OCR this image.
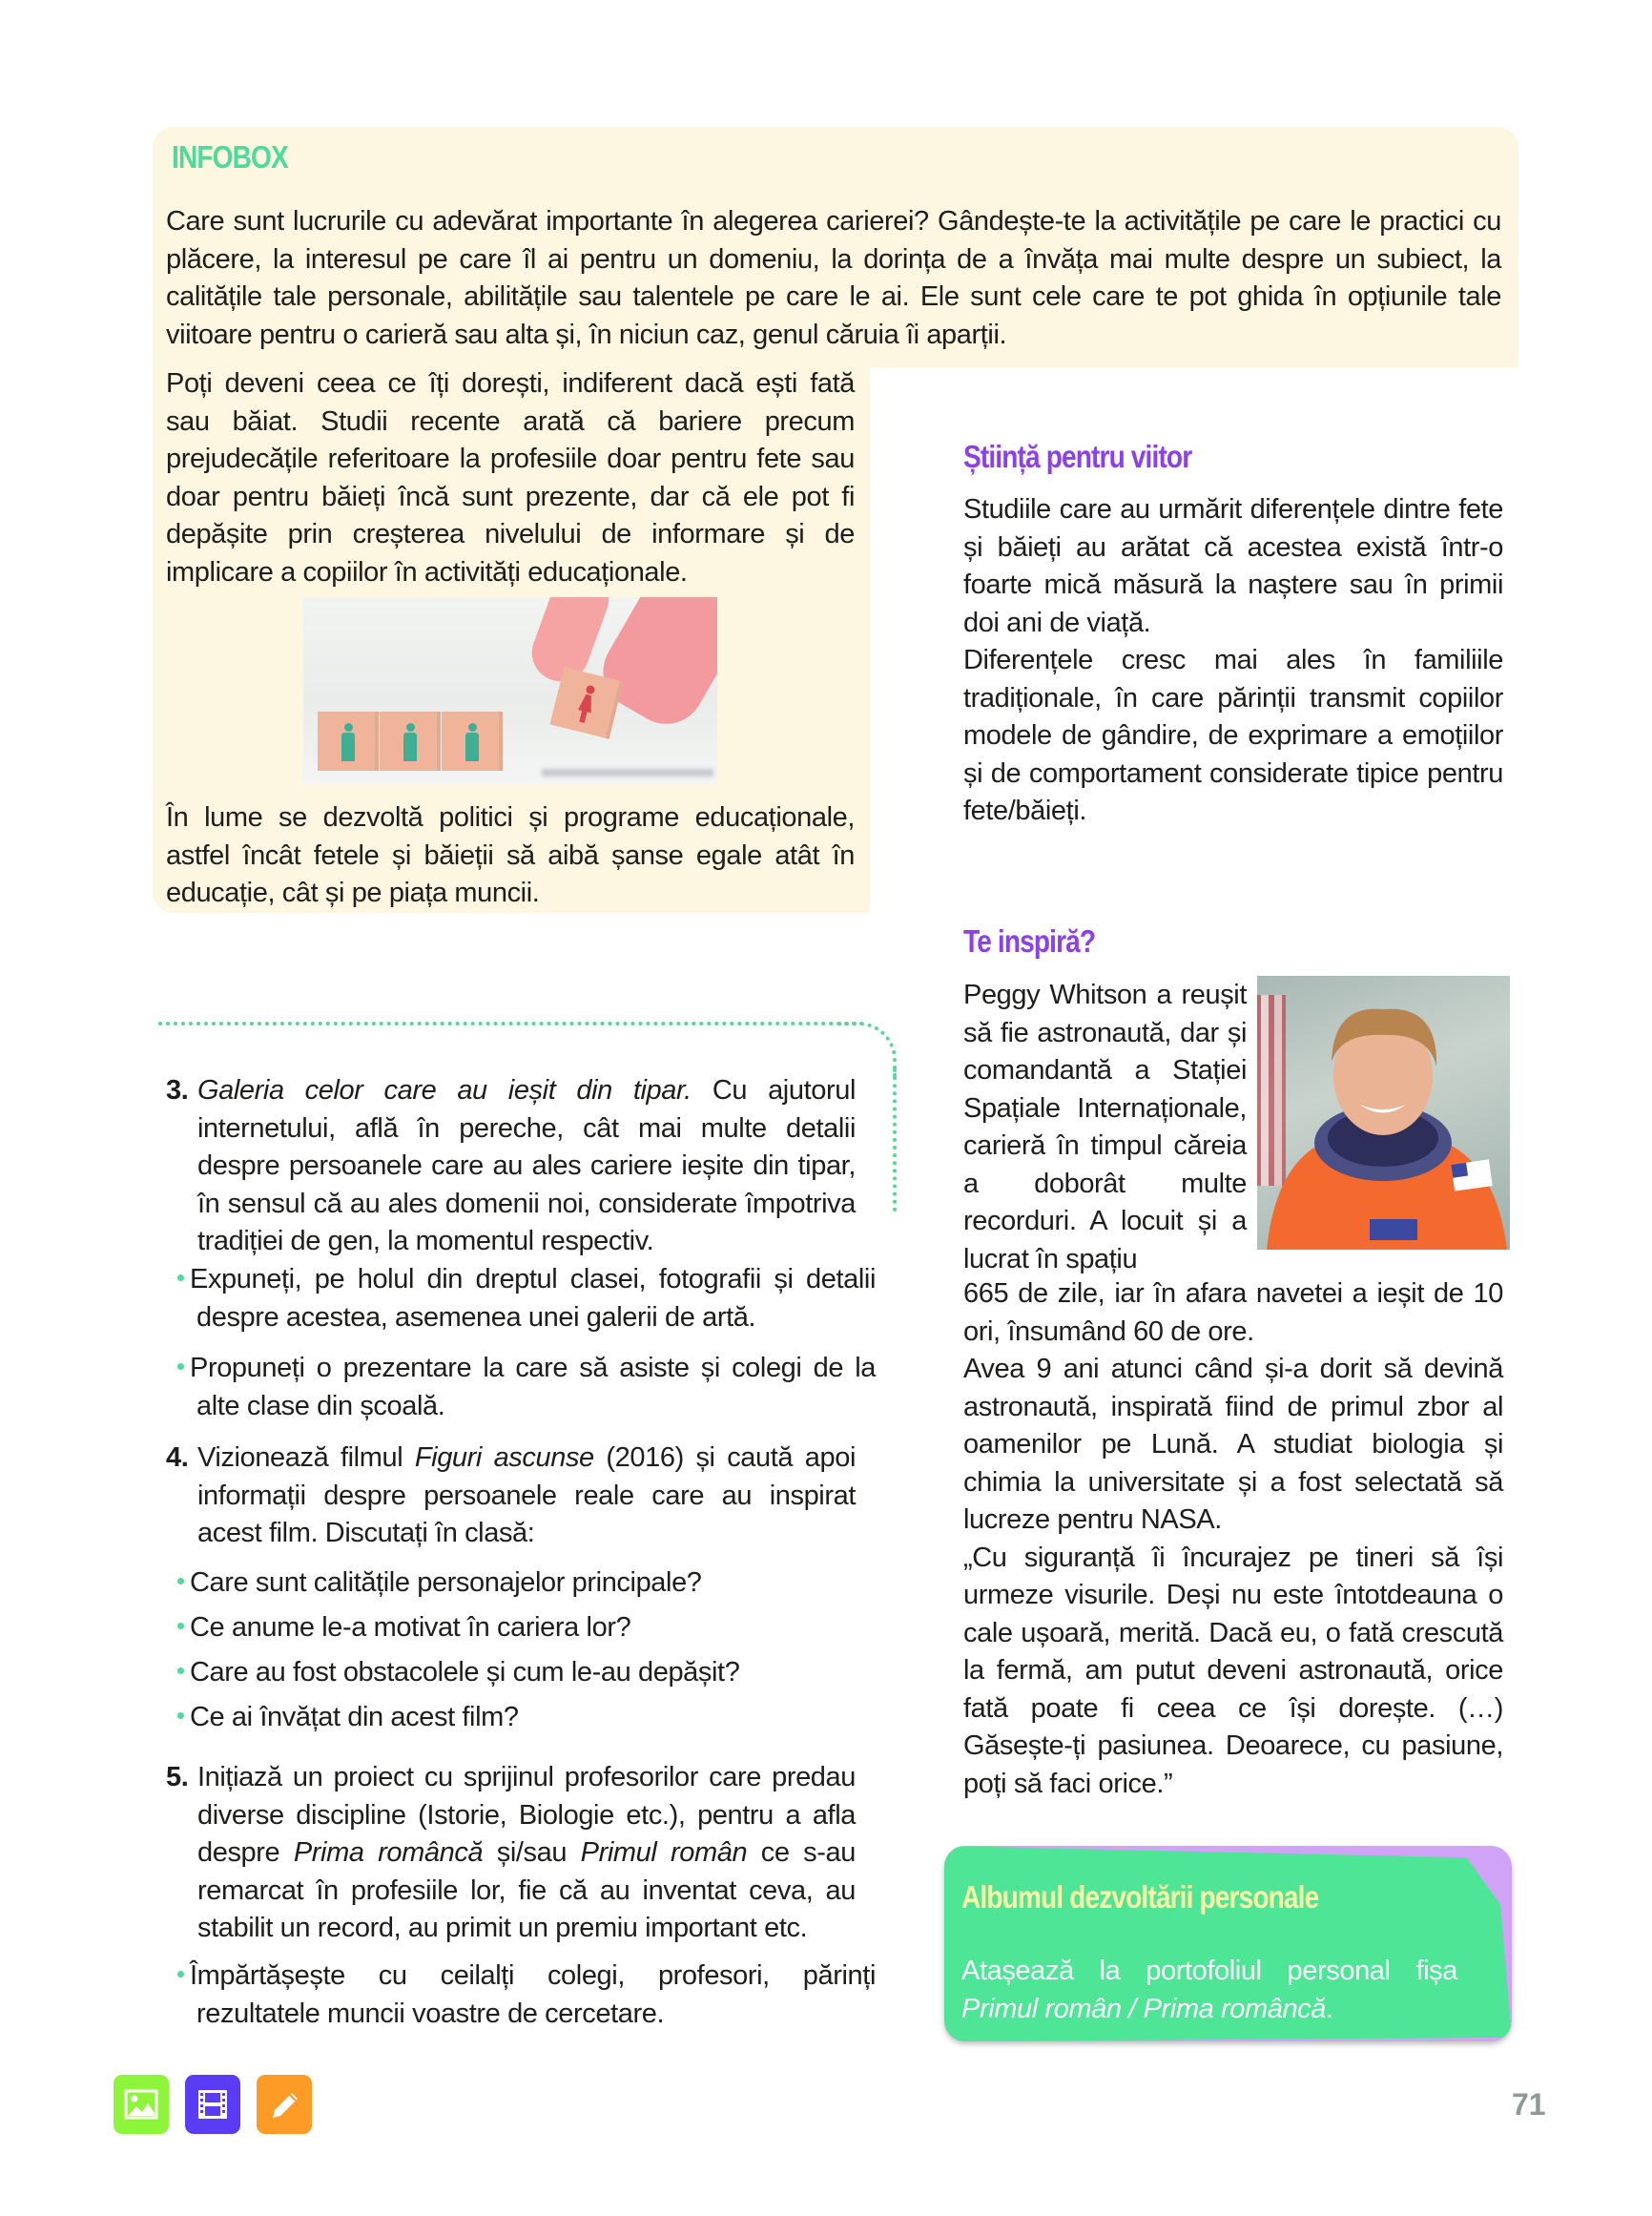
INFOBOX
Care sunt lucrurile cu adevărat importante în alegerea carierei? Gândește-te la activitățile pe care le practici cu plăcere, la interesul pe care îl ai pentru un domeniu, la dorința de a învăța mai multe despre un subiect, la calitățile tale personale, abilitățile sau talentele pe care le ai. Ele sunt cele care te pot ghida în opțiunile tale viitoare pentru o carieră sau alta și, în niciun caz, genul căruia îi aparții.
Poți deveni ceea ce îți dorești, indiferent dacă ești fată sau băiat. Studii recente arată că bariere precum prejudecățile referitoare la profesiile doar pentru fete sau doar pentru băieți încă sunt prezente, dar că ele pot fi depășite prin creșterea nivelului de informare și de implicare a copiilor în activități educaționale.
În lume se dezvoltă politici și programe educaționale, astfel încât fetele și băieții să aibă șanse egale atât în educație, cât și pe piața muncii.
Știință pentru viitor
Studiile care au urmărit diferențele dintre fete și băieți au arătat că acestea există într-o foarte mică măsură la naștere sau în primii doi ani de viață.
Diferențele cresc mai ales în familiile tradiționale, în care părinții transmit copiilor modele de gândire, de exprimare a emoțiilor și de comportament considerate tipice pentru fete/băieți.
Te inspiră?
Peggy Whitson a reușit să fie astronaută, dar și comandantă a Stației Spațiale Internaționale, carieră în timpul căreia a doborât multe recorduri. A locuit și a lucrat în spațiu
665 de zile, iar în afara navetei a ieșit de 10 ori, însumând 60 de ore.
Avea 9 ani atunci când și-a dorit să devină astronaută, inspirată fiind de primul zbor al oamenilor pe Lună. A studiat biologia și chimia la universitate și a fost selectată să lucreze pentru NASA.
„Cu siguranță îi încurajez pe tineri să își urmeze visurile. Deși nu este întotdeauna o cale ușoară, merită. Dacă eu, o fată crescută la fermă, am putut deveni astronaută, orice fată poate fi ceea ce își dorește. (…) Găsește-ți pasiunea. Deoarece, cu pasiune, poți să faci orice.”
3. Galeria celor care au ieșit din tipar. Cu ajutorul internetului, află în pereche, cât mai multe detalii despre persoanele care au ales cariere ieșite din tipar, în sensul că au ales domenii noi, considerate împotriva tradiției de gen, la momentul respectiv.
Expuneți, pe holul din dreptul clasei, fotografii și detalii despre acestea, asemenea unei galerii de artă.
Propuneți o prezentare la care să asiste și colegi de la alte clase din școală.
4. Vizionează filmul Figuri ascunse (2016) și caută apoi informații despre persoanele reale care au inspirat acest film. Discutați în clasă:
Care sunt calitățile personajelor principale?
Ce anume le-a motivat în cariera lor?
Care au fost obstacolele și cum le-au depășit?
Ce ai învățat din acest film?
5. Inițiază un proiect cu sprijinul profesorilor care predau diverse discipline (Istorie, Biologie etc.), pentru a afla despre Prima româncă și/sau Primul român ce s-au remarcat în profesiile lor, fie că au inventat ceva, au stabilit un record, au primit un premiu important etc.
Împărtășește cu ceilalți colegi, profesori, părinți rezultatele muncii voastre de cercetare.
Albumul dezvoltării personale
Atașează la portofoliul personal fișa Primul român / Prima româncă.
71
